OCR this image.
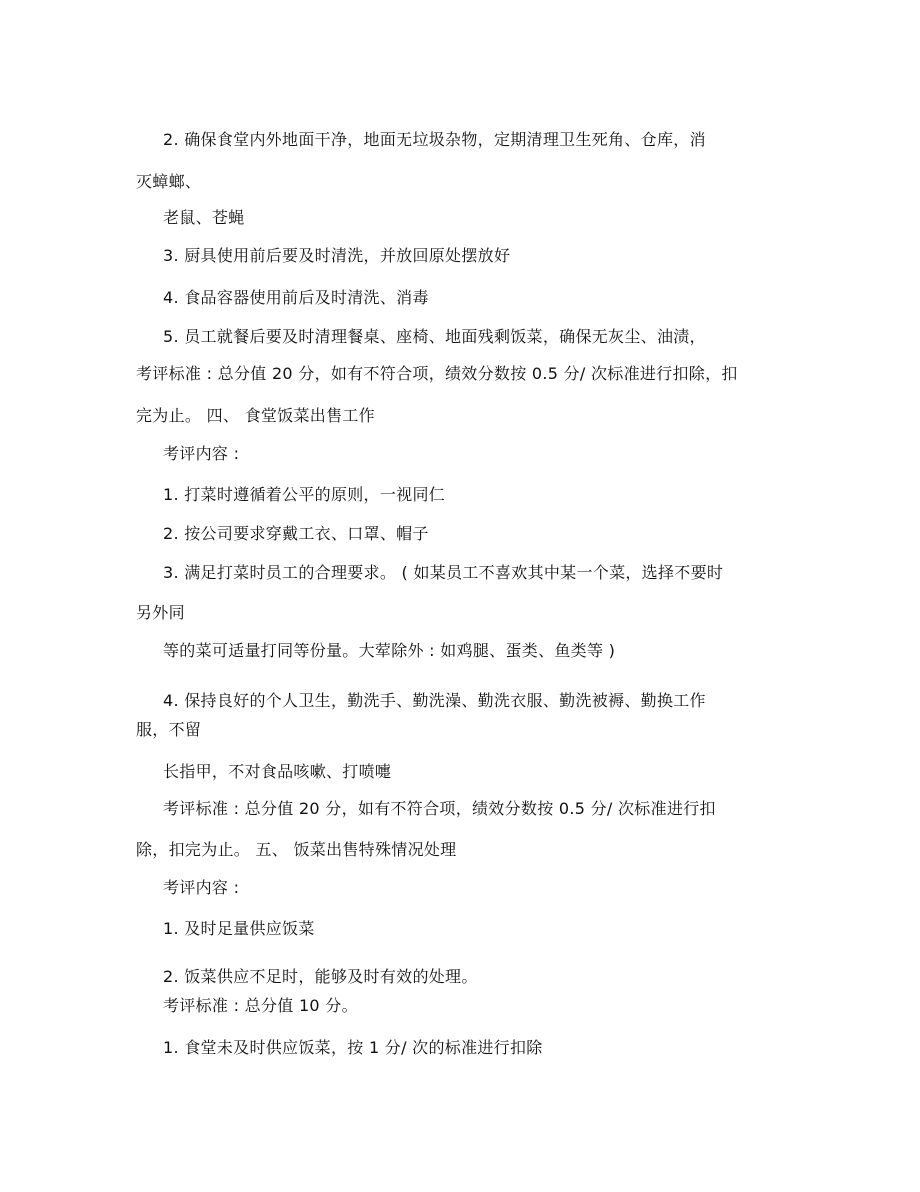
2. 确保食堂内外地面干净，地面无垃圾杂物，定期清理卫生死角、仓库，消
灭蟑螂、
老鼠、苍蝇
3. 厨具使用前后要及时清洗，并放回原处摆放好
4. 食品容器使用前后及时清洗、消毒
5. 员工就餐后要及时清理餐桌、座椅、地面残剩饭菜，确保无灰尘、油渍，
考评标准 : 总分值 20 分，如有不符合项，绩效分数按 0.5 分/ 次标准进行扣除，扣
完为止。 四、 食堂饭菜出售工作
考评内容 :
1. 打菜时遵循着公平的原则，一视同仁
2. 按公司要求穿戴工衣、口罩、帽子
3. 满足打菜时员工的合理要求。 ( 如某员工不喜欢其中某一个菜，选择不要时
另外同
等的菜可适量打同等份量。大荤除外 : 如鸡腿、蛋类、鱼类等 )
4. 保持良好的个人卫生，勤洗手、勤洗澡、勤洗衣服、勤洗被褥、勤换工作
服，不留
长指甲，不对食品咳嗽、打喷嚏
考评标准 : 总分值 20 分，如有不符合项，绩效分数按 0.5 分/ 次标准进行扣
除，扣完为止。 五、 饭菜出售特殊情况处理
考评内容 :
1. 及时足量供应饭菜
2. 饭菜供应不足时，能够及时有效的处理。
考评标准 : 总分值 10 分。
1. 食堂未及时供应饭菜，按 1 分/ 次的标准进行扣除
